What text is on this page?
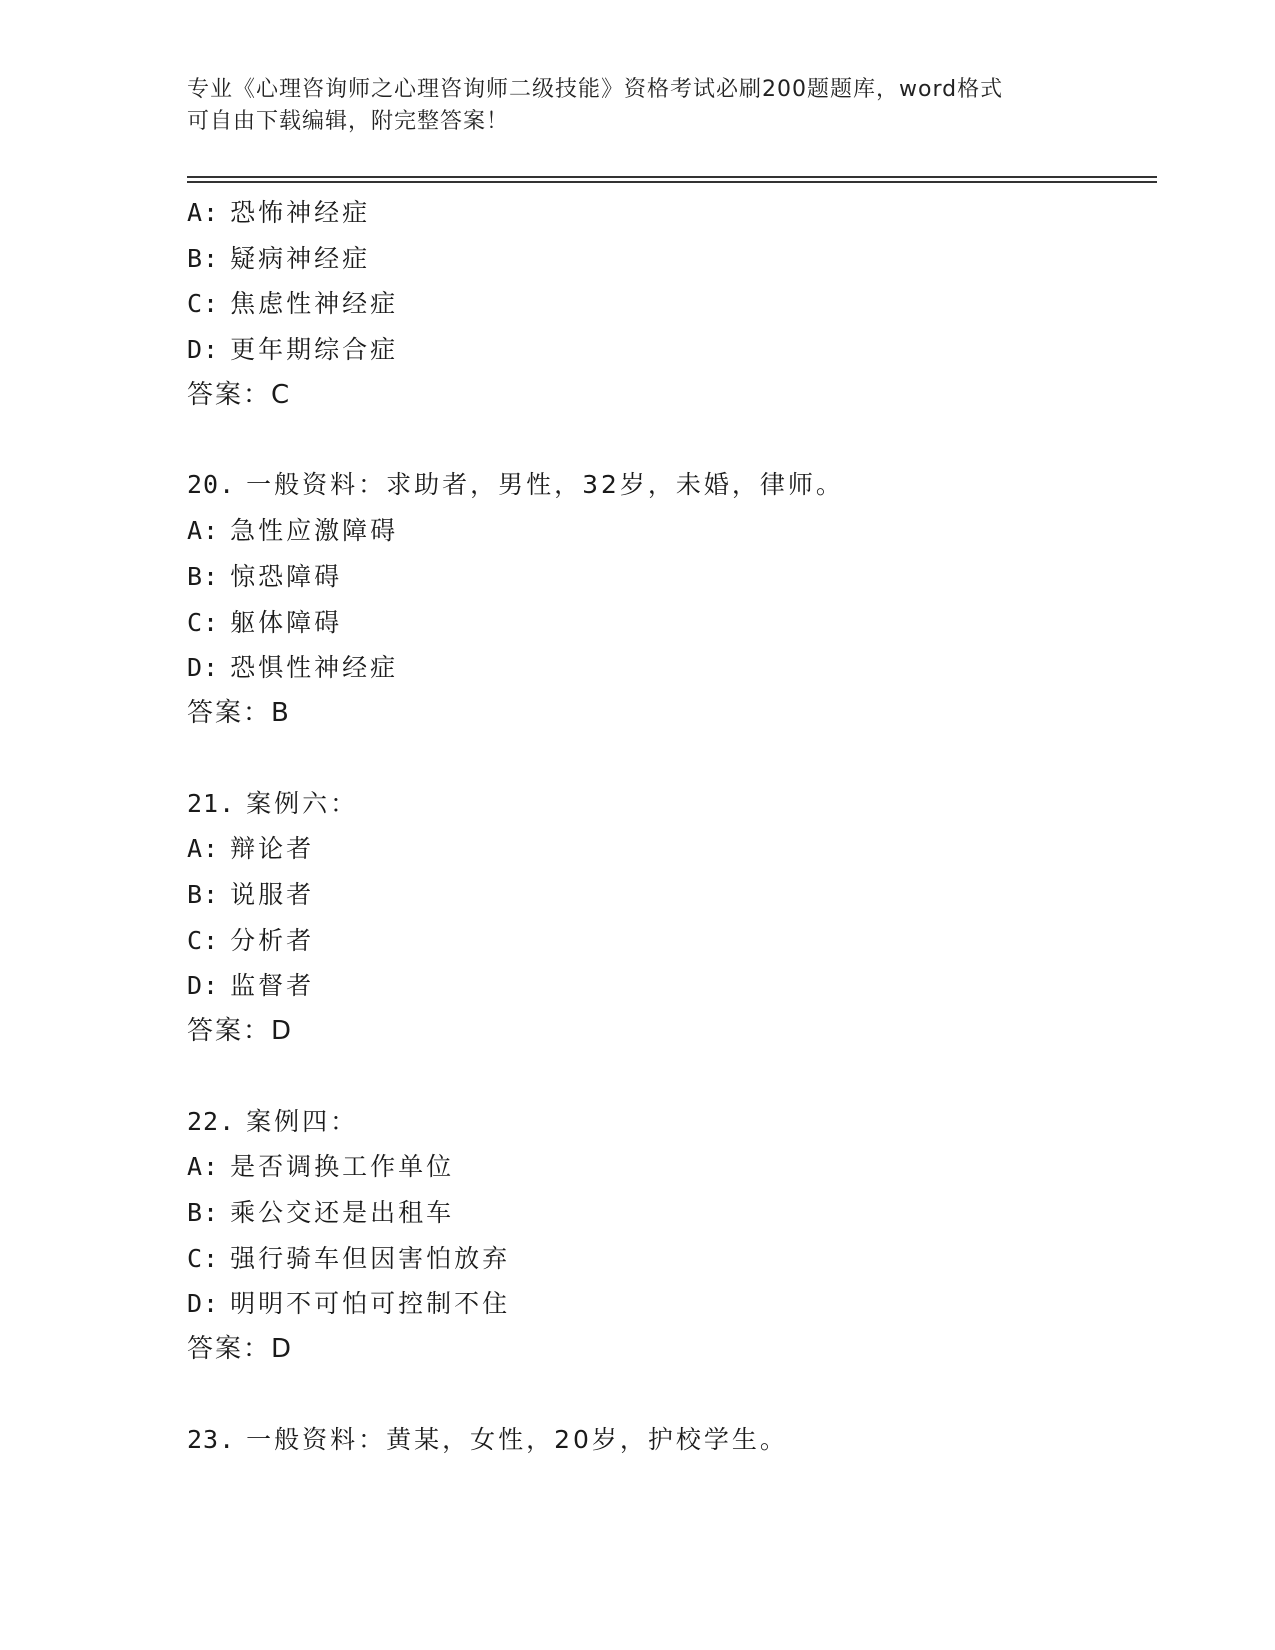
专业《心理咨询师之心理咨询师二级技能》资格考试必刷200题题库，word格式
可自由下载编辑，附完整答案！
A: 恐怖神经症
B: 疑病神经症
C: 焦虑性神经症
D: 更年期综合症
答案：C
20. 一般资料：求助者，男性，32岁，未婚，律师。
A: 急性应激障碍
B: 惊恐障碍
C: 躯体障碍
D: 恐惧性神经症
答案：B
21. 案例六：
A: 辩论者
B: 说服者
C: 分析者
D: 监督者
答案：D
22. 案例四：
A: 是否调换工作单位
B: 乘公交还是出租车
C: 强行骑车但因害怕放弃
D: 明明不可怕可控制不住
答案：D
23. 一般资料：黄某，女性，20岁，护校学生。
